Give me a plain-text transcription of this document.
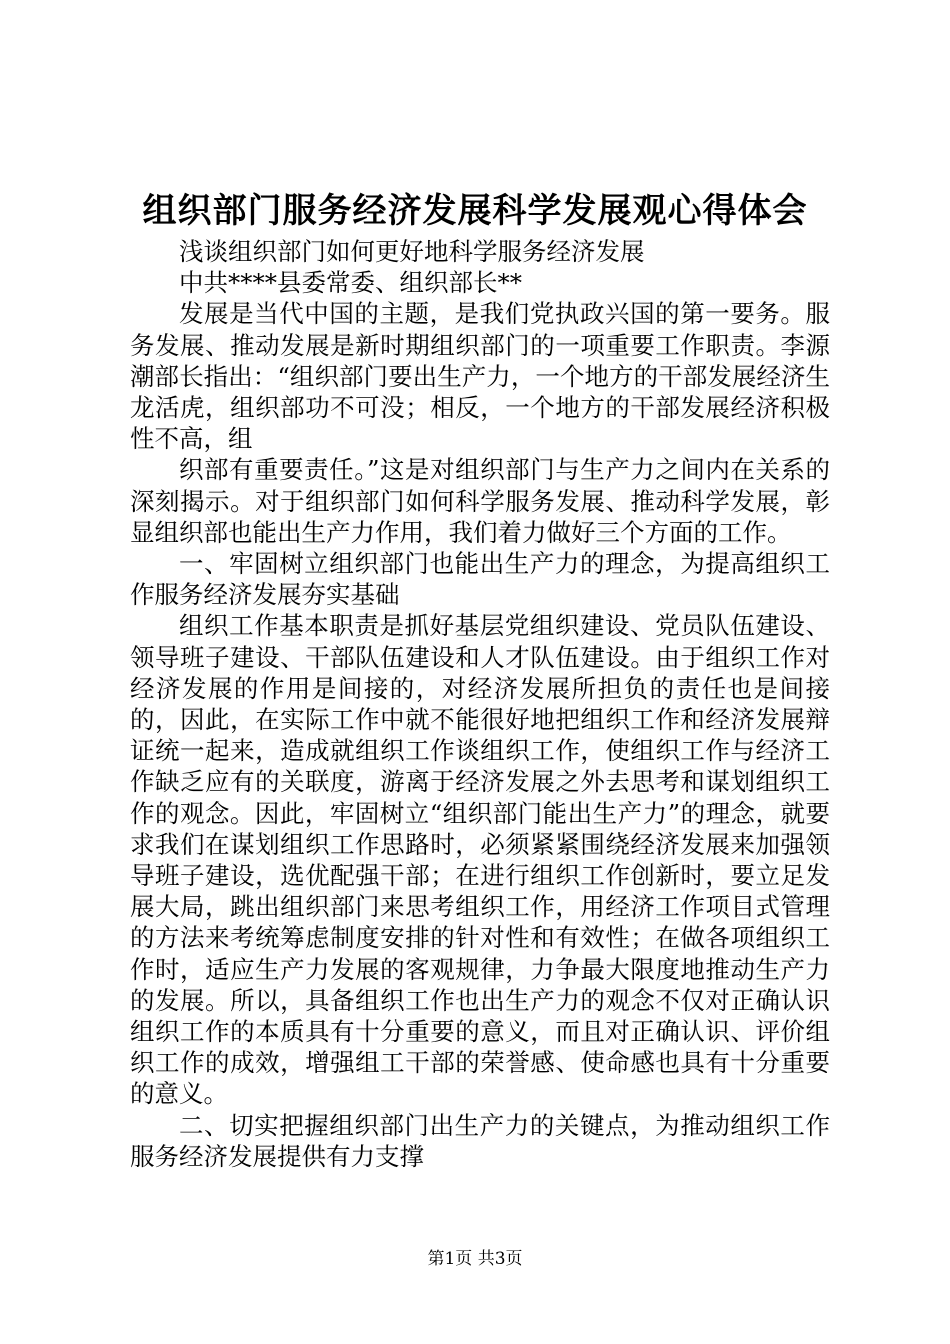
组织部门服务经济发展科学发展观心得体会

浅谈组织部门如何更好地科学服务经济发展

中共****县委常委、组织部长**

发展是当代中国的主题，是我们党执政兴国的第一要务。服务发展、推动发展是新时期组织部门的一项重要工作职责。李源潮部长指出：“组织部门要出生产力，一个地方的干部发展经济生龙活虎，组织部功不可没；相反，一个地方的干部发展经济积极性不高，组

织部有重要责任。”这是对组织部门与生产力之间内在关系的深刻揭示。对于组织部门如何科学服务发展、推动科学发展，彰显组织部也能出生产力作用，我们着力做好三个方面的工作。

一、牢固树立组织部门也能出生产力的理念，为提高组织工作服务经济发展夯实基础

组织工作基本职责是抓好基层党组织建设、党员队伍建设、领导班子建设、干部队伍建设和人才队伍建设。由于组织工作对经济发展的作用是间接的，对经济发展所担负的责任也是间接的，因此，在实际工作中就不能很好地把组织工作和经济发展辩证统一起来，造成就组织工作谈组织工作，使组织工作与经济工作缺乏应有的关联度，游离于经济发展之外去思考和谋划组织工作的观念。因此，牢固树立“组织部门能出生产力”的理念，就要求我们在谋划组织工作思路时，必须紧紧围绕经济发展来加强领导班子建设，选优配强干部；在进行组织工作创新时，要立足发展大局，跳出组织部门来思考组织工作，用经济工作项目式管理的方法来考统筹虑制度安排的针对性和有效性；在做各项组织工作时，适应生产力发展的客观规律，力争最大限度地推动生产力的发展。所以，具备组织工作也出生产力的观念不仅对正确认识组织工作的本质具有十分重要的意义，而且对正确认识、评价组织工作的成效，增强组工干部的荣誉感、使命感也具有十分重要的意义。

二、切实把握组织部门出生产力的关键点，为推动组织工作服务经济发展提供有力支撑

第1页 共3页
